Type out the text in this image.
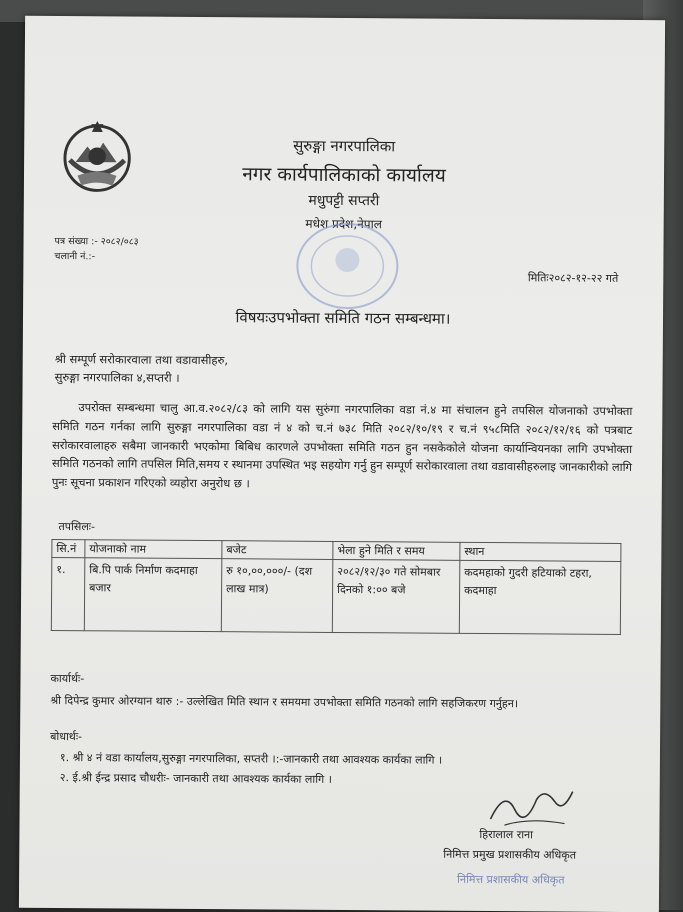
सुरुङ्गा नगरपालिका
नगर कार्यपालिकाको कार्यालय
मधुपट्टी सप्तरी
मधेश प्रदेश,नेपाल
पत्र संख्या :- २०८२/०८३
चलानी नं.:-
मितिः२०८२-१२-२२ गते
विषयःउपभोक्ता समिति गठन सम्बन्धमा।
श्री सम्पूर्ण सरोकारवाला तथा वडावासीहरु,
सुरुङ्गा नगरपालिका ४,सप्तरी ।
उपरोक्त सम्बन्धमा चालु आ.व.२०८२/८३ को लागि यस सुरुंगा नगरपालिका वडा नं.४ मा संचालन हुने तपसिल योजनाको उपभोक्ता समिति गठन गर्नका लागि सुरुङ्गा नगरपालिका वडा नं ४ को च.नं ७३८ मिति २०८२/१०/१९ र च.नं ९५८मिति २०८२/१२/१६ को पत्रबाट सरोकारवालाहरु सबैमा जानकारी भएकोमा बिबिध कारणले उपभोक्ता समिति गठन हुन नसकेकोले योजना कार्यान्वियनका लागि उपभोक्ता समिति गठनको लागि तपसिल मिति,समय र स्थानमा उपस्थित भइ सहयोग गर्नु हुन सम्पूर्ण सरोकारवाला तथा वडावासीहरुलाइ जानकारीको लागि पुनः सूचना प्रकाशन गरिएको व्यहोरा अनुरोध छ ।
तपसिलः-
सि.नं	योजनाको नाम	बजेट	भेला हुने मिति र समय	स्थान
१.	बि.पि पार्क निर्माण कदमाहा बजार	रु १०,००,०००/- (दश लाख मात्र)	२०८२/१२/३० गते सोमबार दिनको १:०० बजे	कदमहाको गुदरी हटियाको टहरा, कदमाहा
कार्यार्थः-
श्री दिपेन्द्र कुमार ओरग्यान थारु :- उल्लेखित मिति स्थान र समयमा उपभोक्ता समिति गठनको लागि सहजिकरण गर्नुहन।
बोधार्थः-
१. श्री ४ नं वडा कार्यालय,सुरुङ्गा नगरपालिका, सप्तरी ।:-जानकारी तथा आवश्यक कार्यका लागि ।
२. ई.श्री ईन्द्र प्रसाद चौधरीः- जानकारी तथा आवश्यक कार्यका लागि ।
हिरालाल राना
निमित्त प्रमुख प्रशासकीय अधिकृत
निमित्त प्रशासकीय अधिकृत
